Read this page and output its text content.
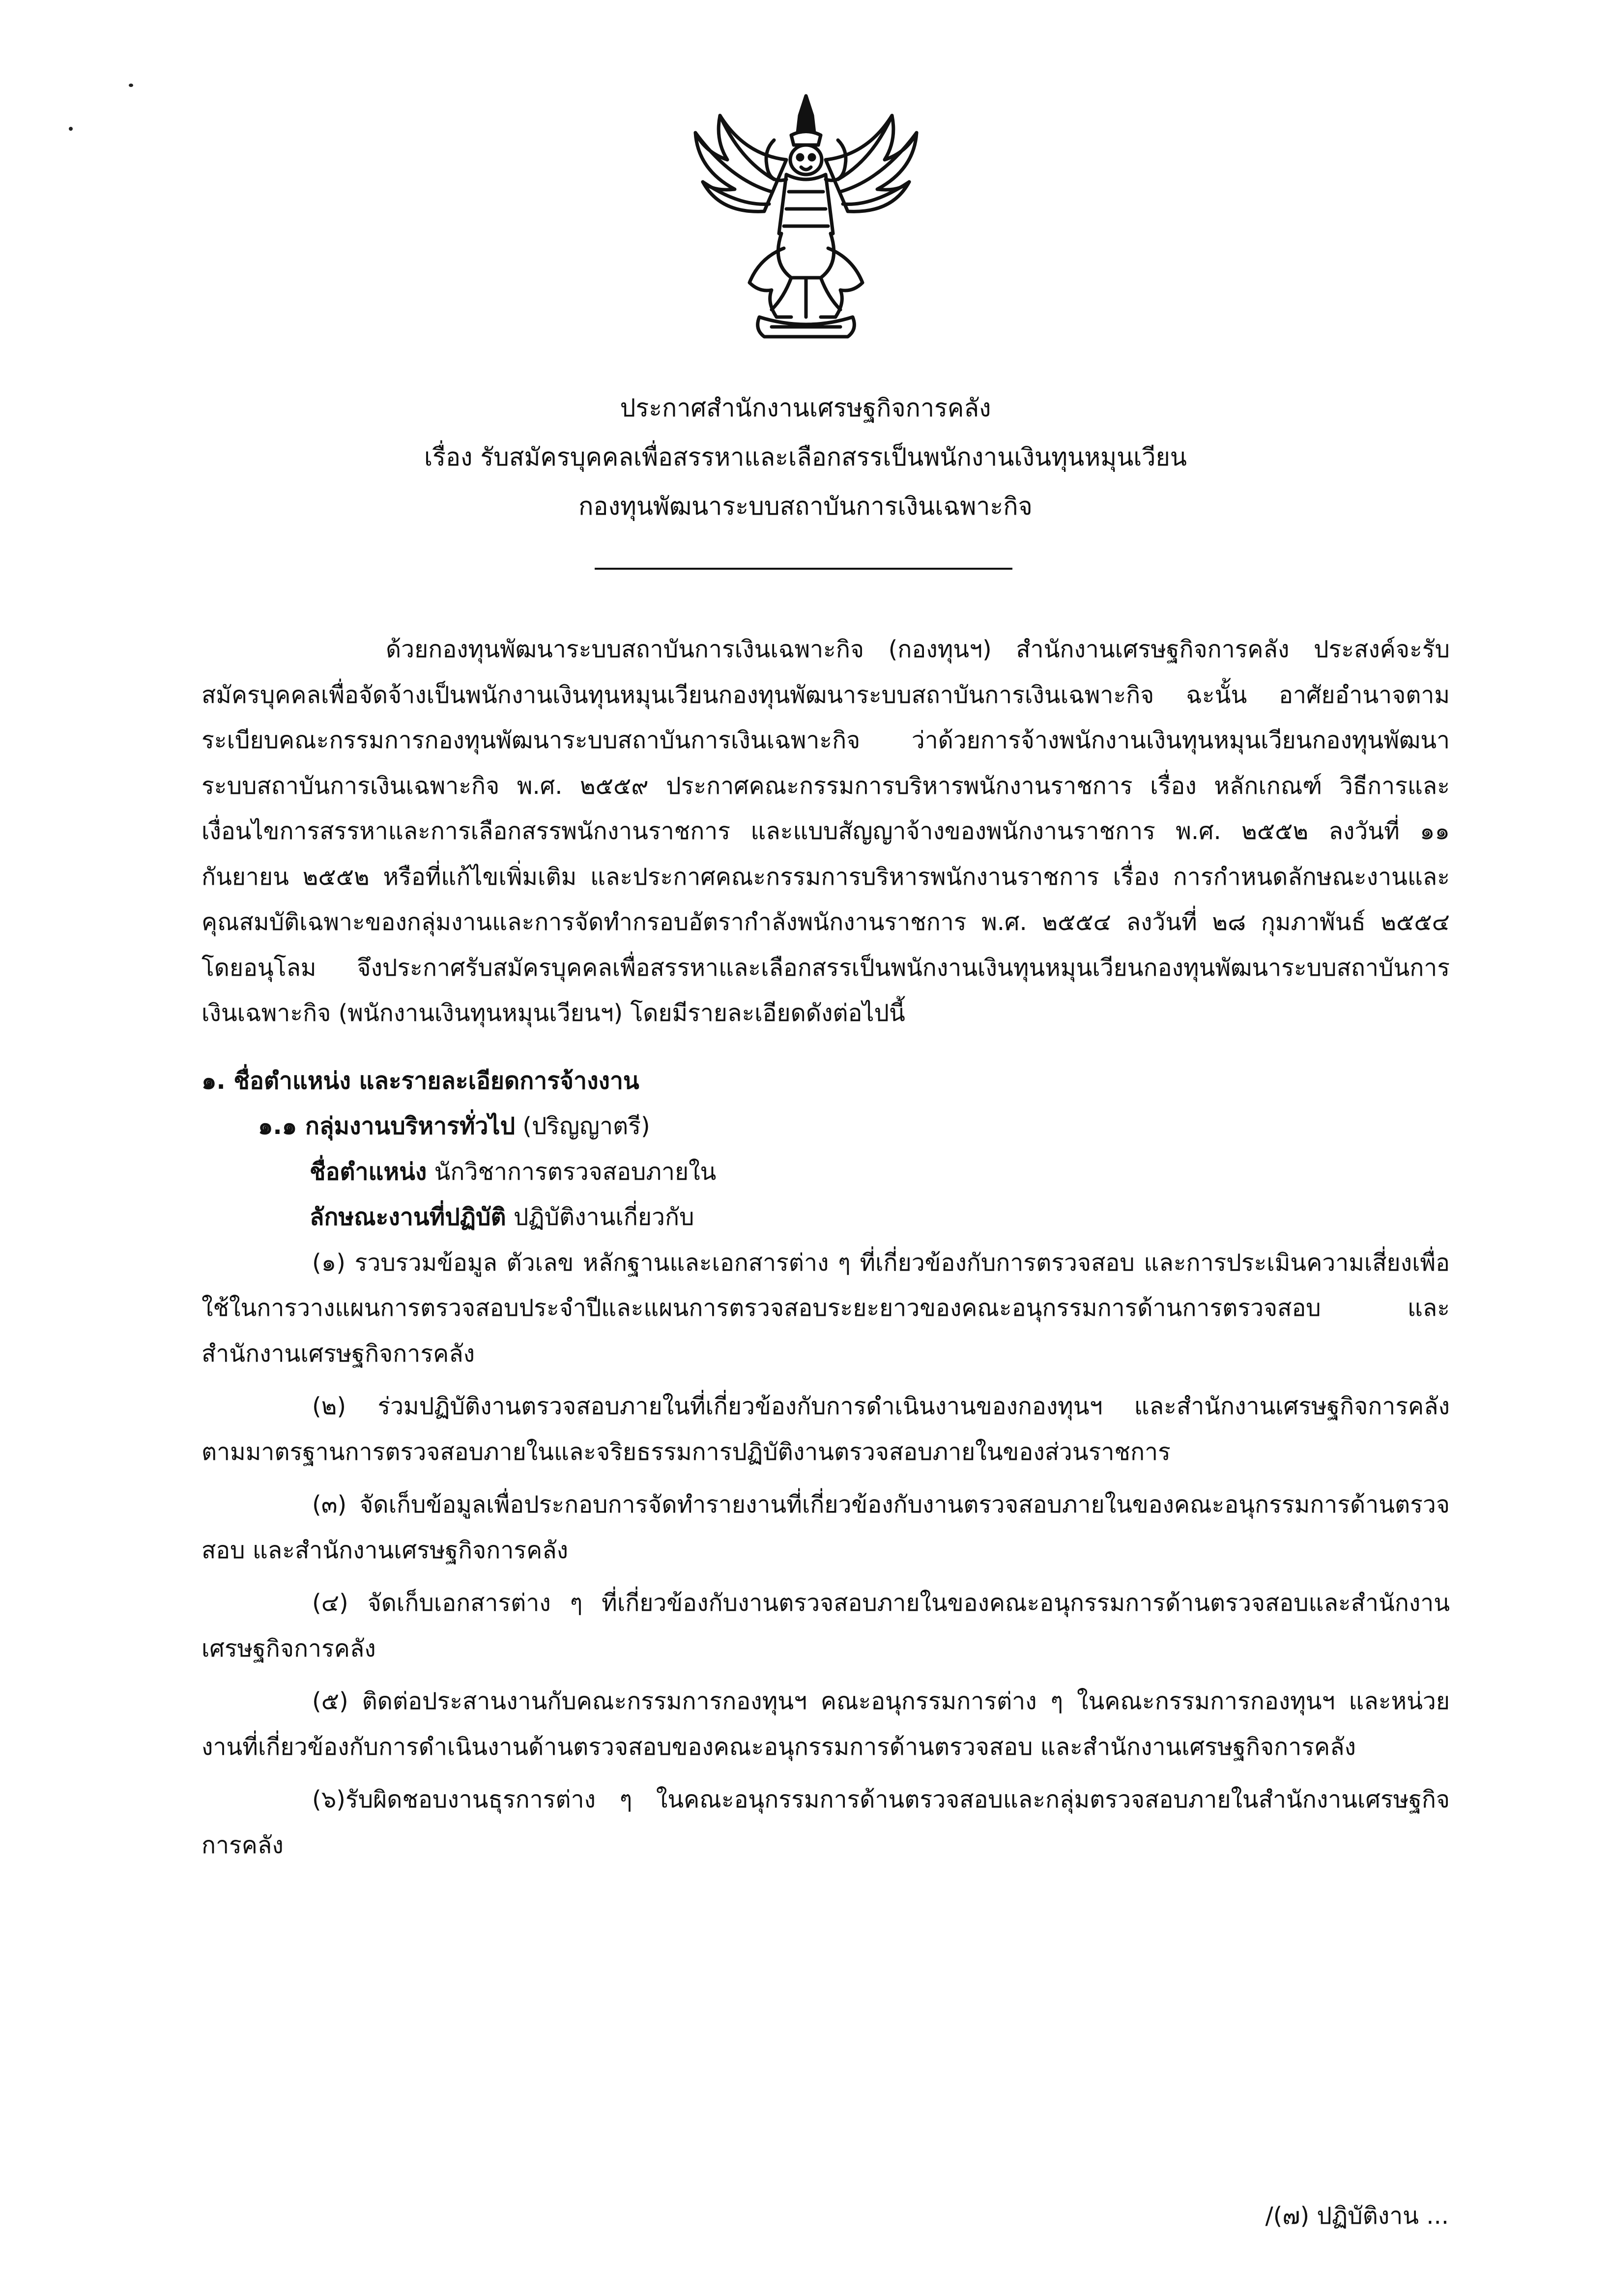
ประกาศสำนักงานเศรษฐกิจการคลัง
เรื่อง รับสมัครบุคคลเพื่อสรรหาและเลือกสรรเป็นพนักงานเงินทุนหมุนเวียน
กองทุนพัฒนาระบบสถาบันการเงินเฉพาะกิจ

ด้วยกองทุนพัฒนาระบบสถาบันการเงินเฉพาะกิจ (กองทุนฯ) สำนักงานเศรษฐกิจการคลัง ประสงค์จะรับสมัครบุคคลเพื่อจัดจ้างเป็นพนักงานเงินทุนหมุนเวียนกองทุนพัฒนาระบบสถาบันการเงินเฉพาะกิจ ฉะนั้น อาศัยอำนาจตามระเบียบคณะกรรมการกองทุนพัฒนาระบบสถาบันการเงินเฉพาะกิจ ว่าด้วยการจ้างพนักงานเงินทุนหมุนเวียนกองทุนพัฒนาระบบสถาบันการเงินเฉพาะกิจ พ.ศ. ๒๕๕๙ ประกาศคณะกรรมการบริหารพนักงานราชการ เรื่อง หลักเกณฑ์ วิธีการและเงื่อนไขการสรรหาและการเลือกสรรพนักงานราชการ และแบบสัญญาจ้างของพนักงานราชการ พ.ศ. ๒๕๕๒ ลงวันที่ ๑๑ กันยายน ๒๕๕๒ หรือที่แก้ไขเพิ่มเติม และประกาศคณะกรรมการบริหารพนักงานราชการ เรื่อง การกำหนดลักษณะงานและคุณสมบัติเฉพาะของกลุ่มงานและการจัดทำกรอบอัตรากำลังพนักงานราชการ พ.ศ. ๒๕๕๔ ลงวันที่ ๒๘ กุมภาพันธ์ ๒๕๕๔ โดยอนุโลม จึงประกาศรับสมัครบุคคลเพื่อสรรหาและเลือกสรรเป็นพนักงานเงินทุนหมุนเวียนกองทุนพัฒนาระบบสถาบันการเงินเฉพาะกิจ (พนักงานเงินทุนหมุนเวียนฯ) โดยมีรายละเอียดดังต่อไปนี้

๑. ชื่อตำแหน่ง และรายละเอียดการจ้างงาน

๑.๑ กลุ่มงานบริหารทั่วไป (ปริญญาตรี)

ชื่อตำแหน่ง นักวิชาการตรวจสอบภายใน

ลักษณะงานที่ปฏิบัติ ปฏิบัติงานเกี่ยวกับ

(๑) รวบรวมข้อมูล ตัวเลข หลักฐานและเอกสารต่าง ๆ ที่เกี่ยวข้องกับการตรวจสอบ และการประเมินความเสี่ยงเพื่อใช้ในการวางแผนการตรวจสอบประจำปีและแผนการตรวจสอบระยะยาวของคณะอนุกรรมการด้านการตรวจสอบ และสำนักงานเศรษฐกิจการคลัง

(๒) ร่วมปฏิบัติงานตรวจสอบภายในที่เกี่ยวข้องกับการดำเนินงานของกองทุนฯ และสำนักงานเศรษฐกิจการคลัง ตามมาตรฐานการตรวจสอบภายในและจริยธรรมการปฏิบัติงานตรวจสอบภายในของส่วนราชการ

(๓) จัดเก็บข้อมูลเพื่อประกอบการจัดทำรายงานที่เกี่ยวข้องกับงานตรวจสอบภายในของคณะอนุกรรมการด้านตรวจสอบ และสำนักงานเศรษฐกิจการคลัง

(๔) จัดเก็บเอกสารต่าง ๆ ที่เกี่ยวข้องกับงานตรวจสอบภายในของคณะอนุกรรมการด้านตรวจสอบและสำนักงานเศรษฐกิจการคลัง

(๕) ติดต่อประสานงานกับคณะกรรมการกองทุนฯ คณะอนุกรรมการต่าง ๆ ในคณะกรรมการกองทุนฯ และหน่วยงานที่เกี่ยวข้องกับการดำเนินงานด้านตรวจสอบของคณะอนุกรรมการด้านตรวจสอบ และสำนักงานเศรษฐกิจการคลัง

(๖)รับผิดชอบงานธุรการต่าง ๆ ในคณะอนุกรรมการด้านตรวจสอบและกลุ่มตรวจสอบภายในสำนักงานเศรษฐกิจการคลัง

/(๗) ปฏิบัติงาน ...
